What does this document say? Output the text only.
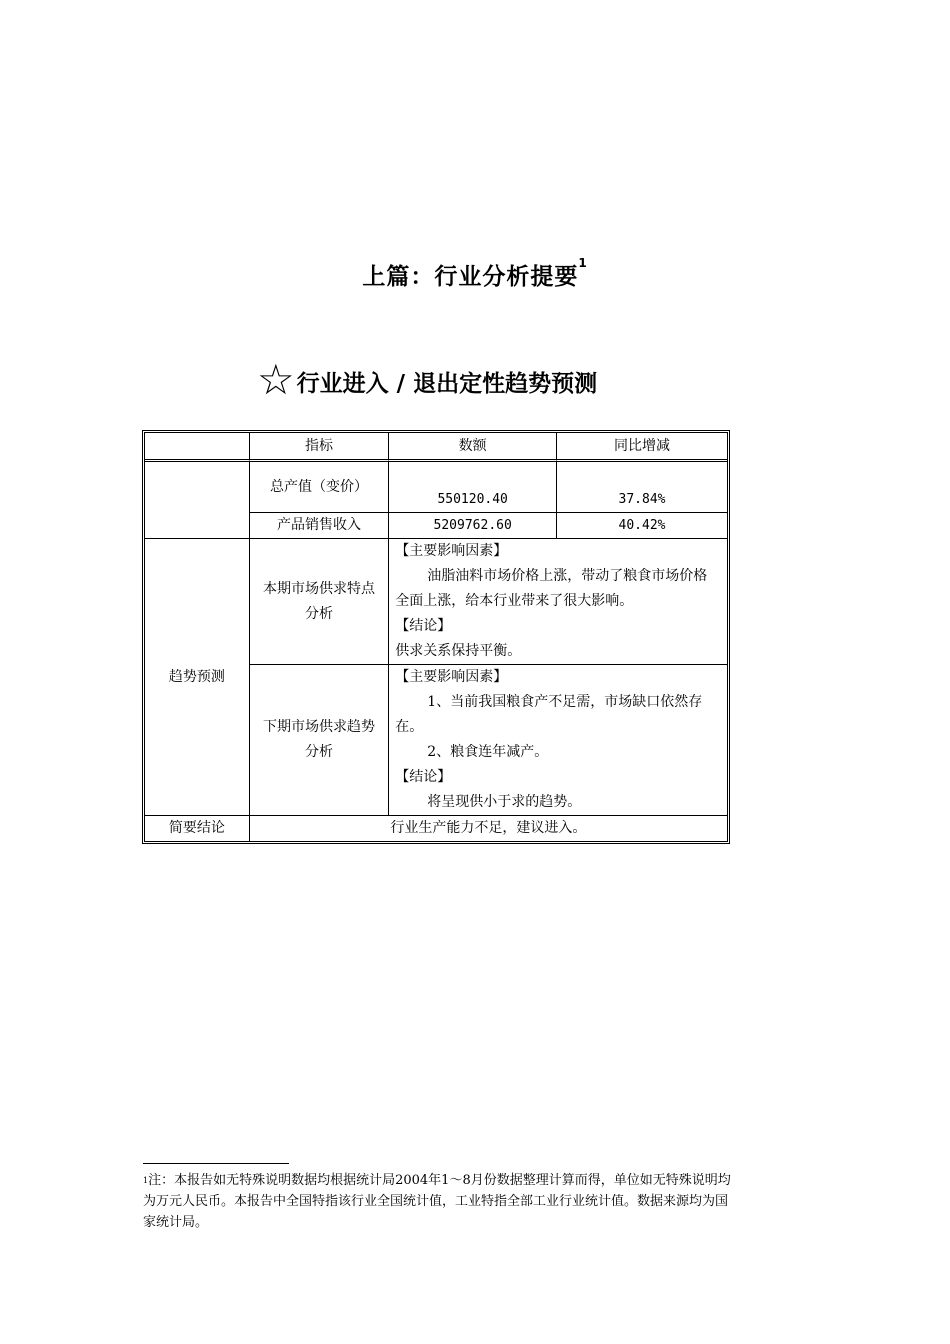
上篇：行业分析提要$^1$
☆ 行业进入 / 退出定性趋势预测
	指标	数额	同比增减
	总产值（变价）	550120.40	37.84%
	产品销售收入	5209762.60	40.42%
趋势预测	本期市场供求特点分析	【主要影响因素】
油脂油料市场价格上涨，带动了粮食市场价格全面上涨，给本行业带来了很大影响。
【结论】
供求关系保持平衡。	

	下期市场供求趋势分析	【主要影响因素】
1、当前我国粮食产不足需，市场缺口依然存在。
2、粮食连年减产。
【结论】
将呈现供小于求的趋势。	

简要结论	行业生产能力不足，建议进入。		
$^1$注：本报告如无特殊说明数据均根据统计局2004年1～8月份数据整理计算而得，单位如无特殊说明均为万元人民币。本报告中全国特指该行业全国统计值，工业特指全部工业行业统计值。数据来源均为国家统计局。
